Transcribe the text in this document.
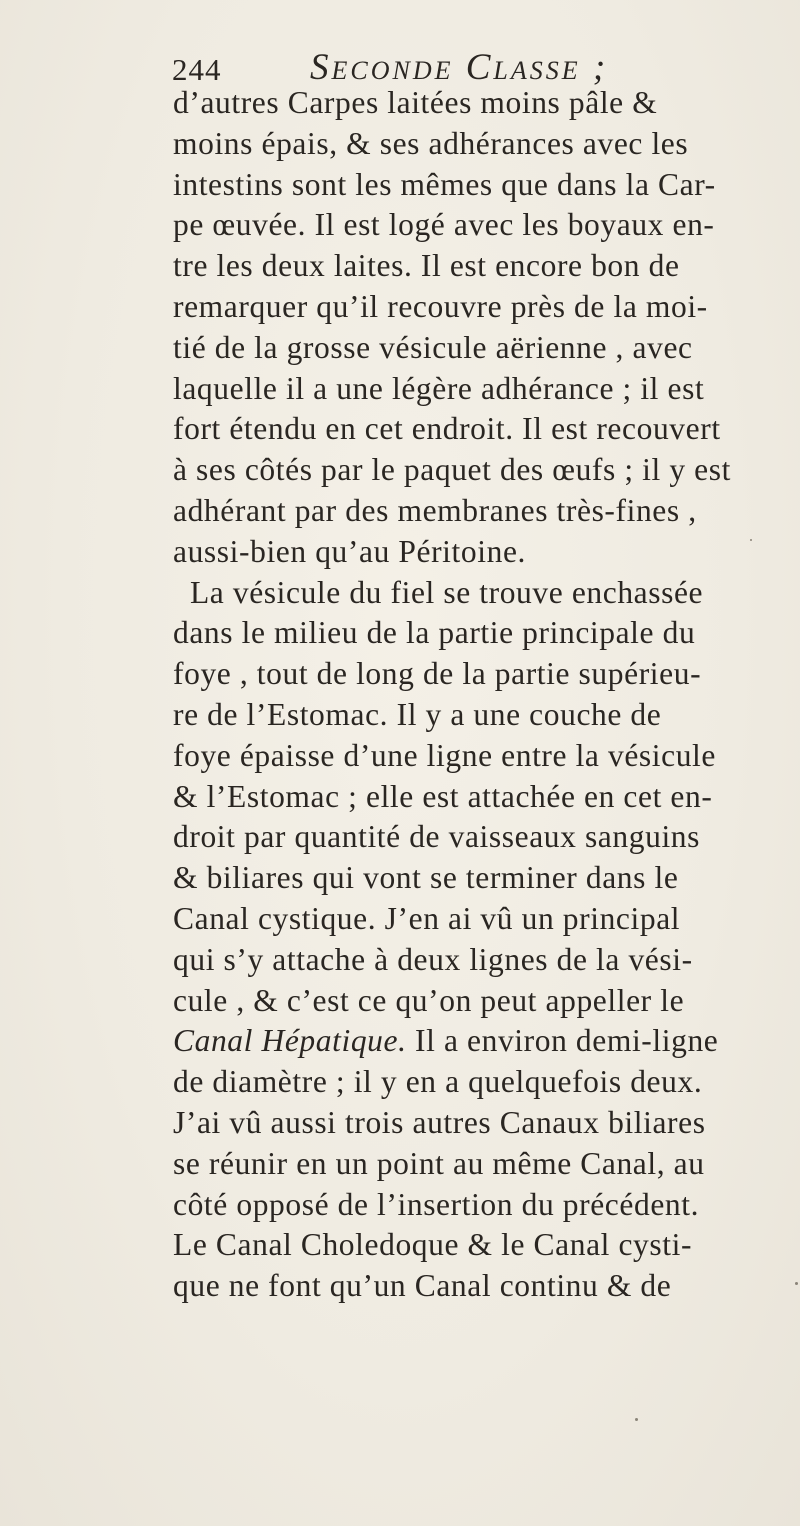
244 Seconde Classe ;
d’autres Carpes laitées moins pâle &
moins épais, & ses adhérances avec les
intestins sont les mêmes que dans la Car-
pe œuvée. Il est logé avec les boyaux en-
tre les deux laites. Il est encore bon de
remarquer qu’il recouvre près de la moi-
tié de la grosse vésicule aërienne , avec
laquelle il a une légère adhérance ; il est
fort étendu en cet endroit. Il est recouvert
à ses côtés par le paquet des œufs ; il y est
adhérant par des membranes très-fines ,
aussi-bien qu’au Péritoine.
La vésicule du fiel se trouve enchassée
dans le milieu de la partie principale du
foye , tout de long de la partie supérieu-
re de l’Estomac. Il y a une couche de
foye épaisse d’une ligne entre la vésicule
& l’Estomac ; elle est attachée en cet en-
droit par quantité de vaisseaux sanguins
& biliares qui vont se terminer dans le
Canal cystique. J’en ai vû un principal
qui s’y attache à deux lignes de la vési-
cule , & c’est ce qu’on peut appeller le
Canal Hépatique. Il a environ demi-ligne
de diamètre ; il y en a quelquefois deux.
J’ai vû aussi trois autres Canaux biliares
se réunir en un point au même Canal, au
côté opposé de l’insertion du précédent.
Le Canal Choledoque & le Canal cysti-
que ne font qu’un Canal continu & de
